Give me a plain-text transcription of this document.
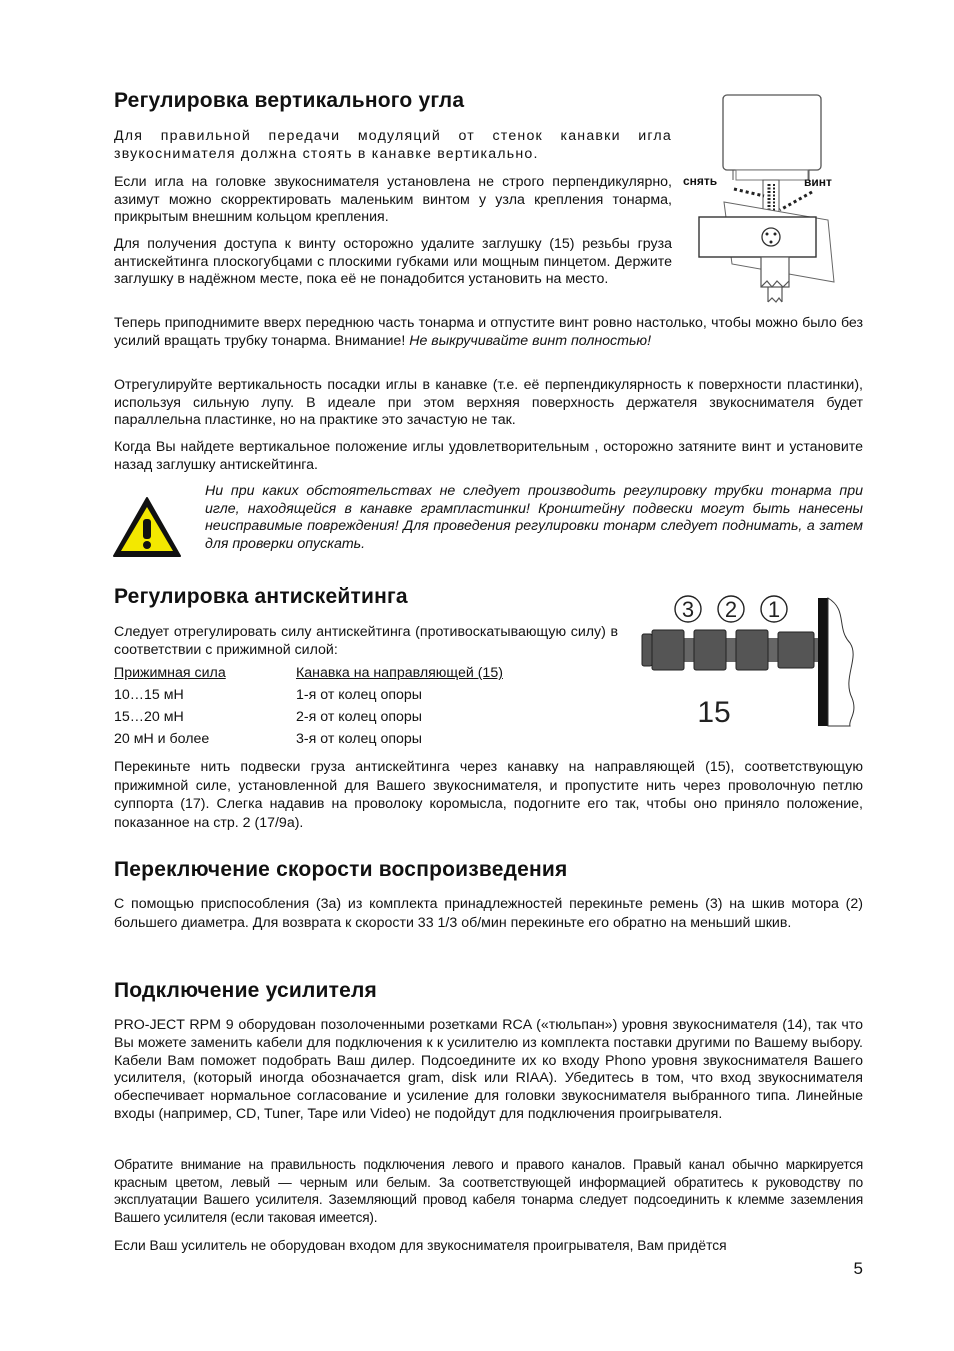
Регулировка вертикального угла

Для правильной передачи модуляций от стенок канавки игла звукоснимателя должна стоять в канавке вертикально.

Если игла на головке звукоснимателя установлена не строго перпендикулярно, азимут можно скорректировать маленьким винтом у узла крепления тонарма, прикрытым внешним кольцом крепления.

Для получения доступа к винту осторожно удалите заглушку (15) резьбы груза антискейтинга плоскогубцами с плоскими губками или мощным пинцетом. Держите заглушку в надёжном месте, пока её не понадобится установить на место.

Теперь приподнимите вверх переднюю часть тонарма и отпустите винт ровно настолько, чтобы можно было без усилий вращать трубку тонарма. Внимание! Не выкручивайте винт полностью!

Отрегулируйте вертикальность посадки иглы в канавке (т.е. её перпендикулярность к поверхности пластинки), используя сильную лупу. В идеале при этом верхняя поверхность держателя звукоснимателя будет параллельна пластинке, но на практике это зачастую не так.

Когда Вы найдете вертикальное положение иглы удовлетворительным , осторожно затяните винт и установите назад заглушку антискейтинга.

снять	винт

Ни при каких обстоятельствах не следует производить регулировку трубки тонарма при игле, находящейся в канавке грампластинки! Кронштейну подвески могут быть нанесены неисправимые повреждения! Для проведения регулировки тонарм следует поднимать, а затем для проверки опускать.

Регулировка антискейтинга

Следует отрегулировать силу антискейтинга (противоскатывающую силу) в соответствии с прижимной силой:

Прижимная сила	Канавка на направляющей (15)
10…15 мН	1-я от колец опоры
15…20 мН	2-я от колец опоры
20 мН и более	3-я от колец опоры
3 2 1
15

Перекиньте нить подвески груза антискейтинга через канавку на направляющей (15), соответствующую прижимной силе, установленной для Вашего звукоснимателя, и пропустите нить через проволочную петлю суппорта (17). Слегка надавив на проволоку коромысла, подогните его так, чтобы оно приняло положение, показанное на стр. 2 (17/9a).

Переключение скорости воспроизведения

С помощью приспособления (3a) из комплекта принадлежностей перекиньте ремень (3) на шкив мотора (2) большего диаметра. Для возврата к скорости 33 1/3 об/мин перекиньте его обратно на меньший шкив.

Подключение усилителя

PRO-JECT RPM 9 оборудован позолоченными розетками RCA («тюльпан») уровня звукоснимателя (14), так что Вы можете заменить кабели для подключения к к усилителю из комплекта поставки другими по Вашему выбору. Кабели Вам поможет подобрать Ваш дилер. Подсоедините их ко входу Phono уровня звукоснимателя Вашего усилителя, (который иногда обозначается gram, disk или RIAA). Убедитесь в том, что вход звукоснимателя обеспечивает нормальное согласование и усиление для головки звукоснимателя выбранного типа. Линейные входы (например, CD, Tuner, Tape или Video) не подойдут для подключения проигрывателя.

Обратите внимание на правильность подключения левого и правого каналов. Правый канал обычно маркируется красным цветом, левый — черным или белым. За соответствующей информацией обратитесь к руководству по эксплуатации Вашего усилителя. Заземляющий провод кабеля тонарма следует подсоединить к клемме заземления Вашего усилителя (если таковая имеется).

Если Ваш усилитель не оборудован входом для звукоснимателя проигрывателя, Вам придётся

5
